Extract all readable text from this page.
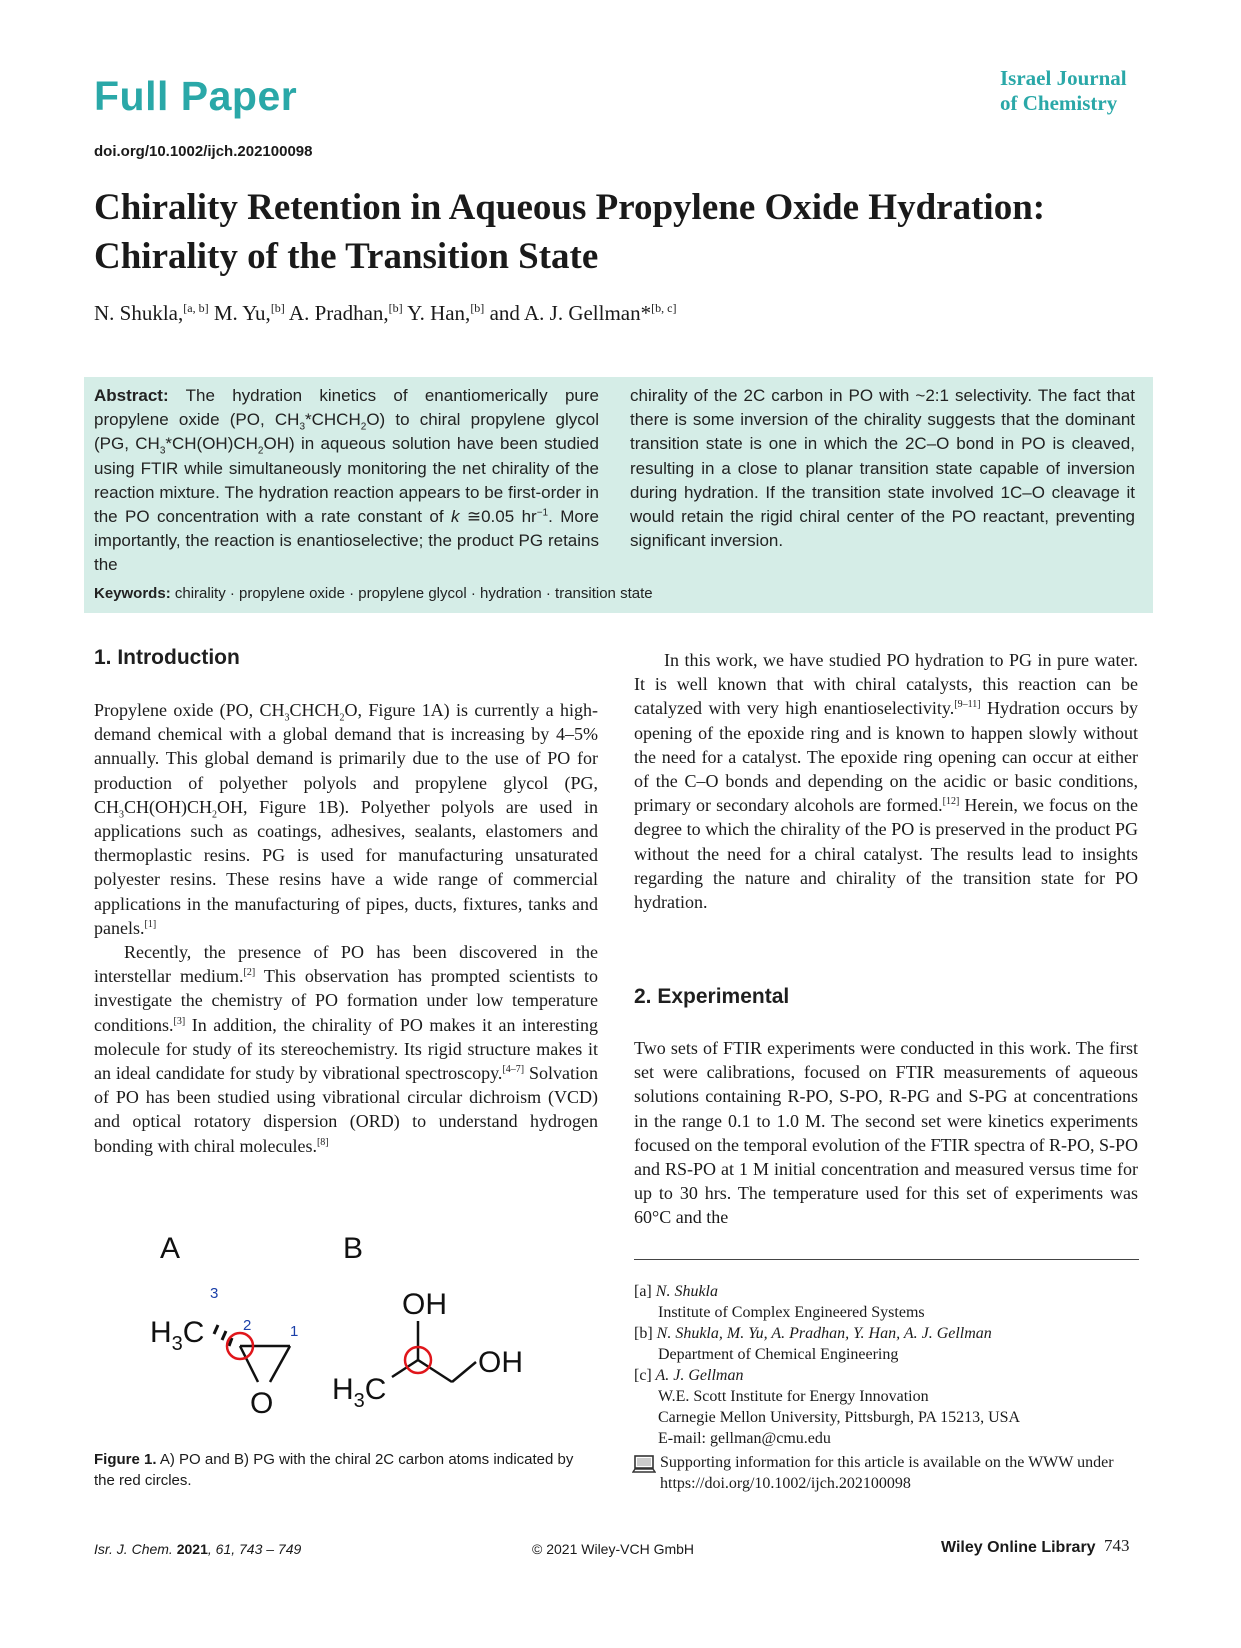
Full Paper	Israel Journal
of Chemistry
doi.org/10.1002/ijch.202100098
Chirality Retention in Aqueous Propylene Oxide Hydration:
Chirality of the Transition State
N. Shukla,[a, b] M. Yu,[b] A. Pradhan,[b] Y. Han,[b] and A. J. Gellman*[b, c]
Abstract: The hydration kinetics of enantiomerically pure propylene oxide (PO, $CH_3*CHCH_2O$) to chiral propylene glycol (PG, $CH_3*CH(OH)CH_2OH$) in aqueous solution have been studied using FTIR while simultaneously monitoring the net chirality of the reaction mixture. The hydration reaction appears to be first-order in the PO concentration with a rate constant of k ≅0.05 $hr^{-1}$. More importantly, the reaction is enantioselective; the product PG retains the
chirality of the 2C carbon in PO with ~2:1 selectivity. The fact that there is some inversion of the chirality suggests that the dominant transition state is one in which the 2C–O bond in PO is cleaved, resulting in a close to planar transition state capable of inversion during hydration. If the transition state involved 1C–O cleavage it would retain the rigid chiral center of the PO reactant, preventing significant inversion.
Keywords: chirality · propylene oxide · propylene glycol · hydration · transition state
1. Introduction
Propylene oxide (PO, $CH_3CHCH_2O$, Figure 1A) is currently a high-demand chemical with a global demand that is increasing by 4–5% annually. This global demand is primarily due to the use of PO for production of polyether polyols and propylene glycol (PG, $CH_3CH(OH)CH_2OH$, Figure 1B). Polyether polyols are used in applications such as coatings, adhesives, sealants, elastomers and thermoplastic resins. PG is used for manufacturing unsaturated polyester resins. These resins have a wide range of commercial applications in the manufacturing of pipes, ducts, fixtures, tanks and panels.[1]
Recently, the presence of PO has been discovered in the interstellar medium.[2] This observation has prompted scientists to investigate the chemistry of PO formation under low temperature conditions.[3] In addition, the chirality of PO makes it an interesting molecule for study of its stereochemistry. Its rigid structure makes it an ideal candidate for study by vibrational spectroscopy.[4–7] Solvation of PO has been studied using vibrational circular dichroism (VCD) and optical rotatory dispersion (ORD) to understand hydrogen bonding with chiral molecules.[8]
A	B
$H_3C$
O
3
2	1
OH
OH
$H_3C$
Figure 1. A) PO and B) PG with the chiral 2C carbon atoms indicated by the red circles.
In this work, we have studied PO hydration to PG in pure water. It is well known that with chiral catalysts, this reaction can be catalyzed with very high enantioselectivity.[9–11] Hydration occurs by opening of the epoxide ring and is known to happen slowly without the need for a catalyst. The epoxide ring opening can occur at either of the C–O bonds and depending on the acidic or basic conditions, primary or secondary alcohols are formed.[12] Herein, we focus on the degree to which the chirality of the PO is preserved in the product PG without the need for a chiral catalyst. The results lead to insights regarding the nature and chirality of the transition state for PO hydration.
2. Experimental
Two sets of FTIR experiments were conducted in this work. The first set were calibrations, focused on FTIR measurements of aqueous solutions containing R-PO, S-PO, R-PG and S-PG at concentrations in the range 0.1 to 1.0 M. The second set were kinetics experiments focused on the temporal evolution of the FTIR spectra of R-PO, S-PO and RS-PO at 1 M initial concentration and measured versus time for up to 30 hrs. The temperature used for this set of experiments was 60°C and the
[a] N. Shukla
Institute of Complex Engineered Systems
[b] N. Shukla, M. Yu, A. Pradhan, Y. Han, A. J. Gellman
Department of Chemical Engineering
[c] A. J. Gellman
W.E. Scott Institute for Energy Innovation
Carnegie Mellon University, Pittsburgh, PA 15213, USA
E-mail: gellman@cmu.edu
Supporting information for this article is available on the WWW under https://doi.org/10.1002/ijch.202100098
Isr. J. Chem. 2021, 61, 743 – 749	© 2021 Wiley-VCH GmbH	Wiley Online Library 743
